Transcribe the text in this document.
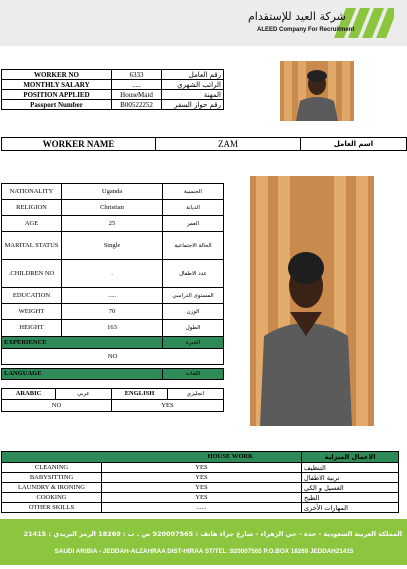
شركة العيد للإستقدام
ALEED Company For Recruitment
WORKER NO	6333	رقم العامل
MONTHLY SALARY	.....	الراتب الشهري
POSITION APPLIED	HouseMaid	المهنة
Passport Number	B00522252	رقم جواز السفر
WORKER NAME	ZAM	اسم العامل
NATIONALITY	Uganda	الجنسية
RELIGION	Christian	الديانة
AGE	25	العمر
MARITAL STATUS	Single	الحالة الاجتماعية
.CHILDREN NO	.	عدد الاطفال
EDUCATION	.....	المستوى الدراسي
WEIGHT	70	الوزن
HEIGHT	163	الطول
EXPERIENCE		الخبرة
NO		

LANGUAGE		اللغات
ARABIC	عربي	ENGLISH	انجليزي
NO		YES	
HOUSE WORK		الاعمال المنزلية
CLEANING	YES	التنظيف
BABYSITTING	YES	تربية الاطفال
LAUNDRY & IRONING	YES	الغسيل و الكي
COOKING	YES	الطبخ
OTHER SKILLS	......	المهارات الأخرى
المملكة العربية السعودية - جدة - حي الزهراء - شارع جراء هاتف : 920007565 ص . ب : 18269 الرمز البريدي : 21415
SAUDI ARIBIA - JEDDAH-ALZAHRAA DIST-HIRAA ST/TEL :920007565 P.O.BOX 18269 JEDDAH21415
